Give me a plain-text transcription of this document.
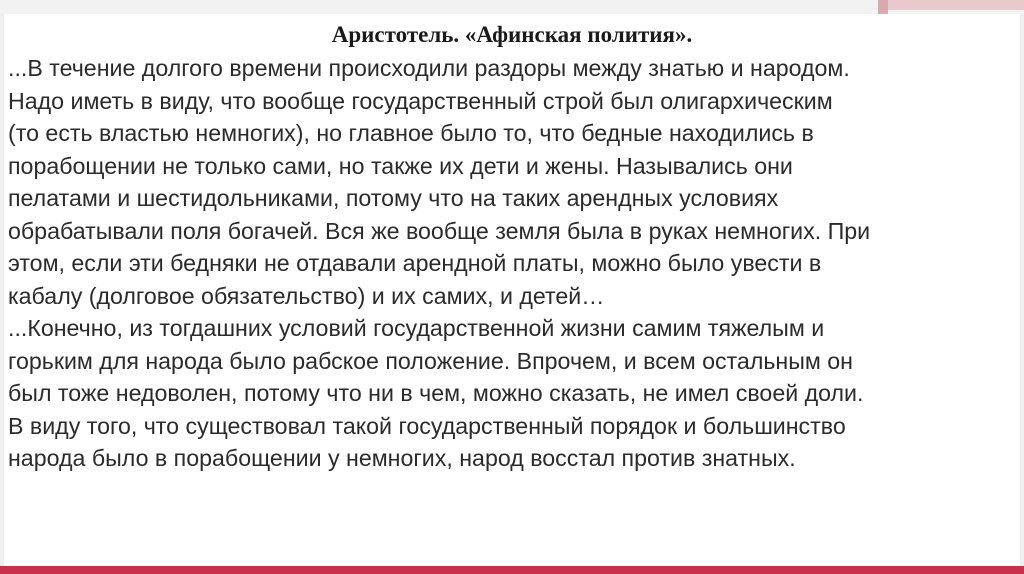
Аристотель. «Афинская полития».
...В течение долгого времени происходили раздоры между знатью и народом.
Надо иметь в виду, что вообще государственный строй был олигархическим
(то есть властью немногих), но главное было то, что бедные находились в
порабощении не только сами, но также их дети и жены. Назывались они
пелатами и шестидольниками, потому что на таких арендных условиях
обрабатывали поля богачей. Вся же вообще земля была в руках немногих. При
этом, если эти бедняки не отдавали арендной платы, можно было увести в
кабалу (долговое обязательство) и их самих, и детей…
...Конечно, из тогдашних условий государственной жизни самим тяжелым и
горьким для народа было рабское положение. Впрочем, и всем остальным он
был тоже недоволен, потому что ни в чем, можно сказать, не имел своей доли.
В виду того, что существовал такой государственный порядок и большинство
народа было в порабощении у немногих, народ восстал против знатных.
